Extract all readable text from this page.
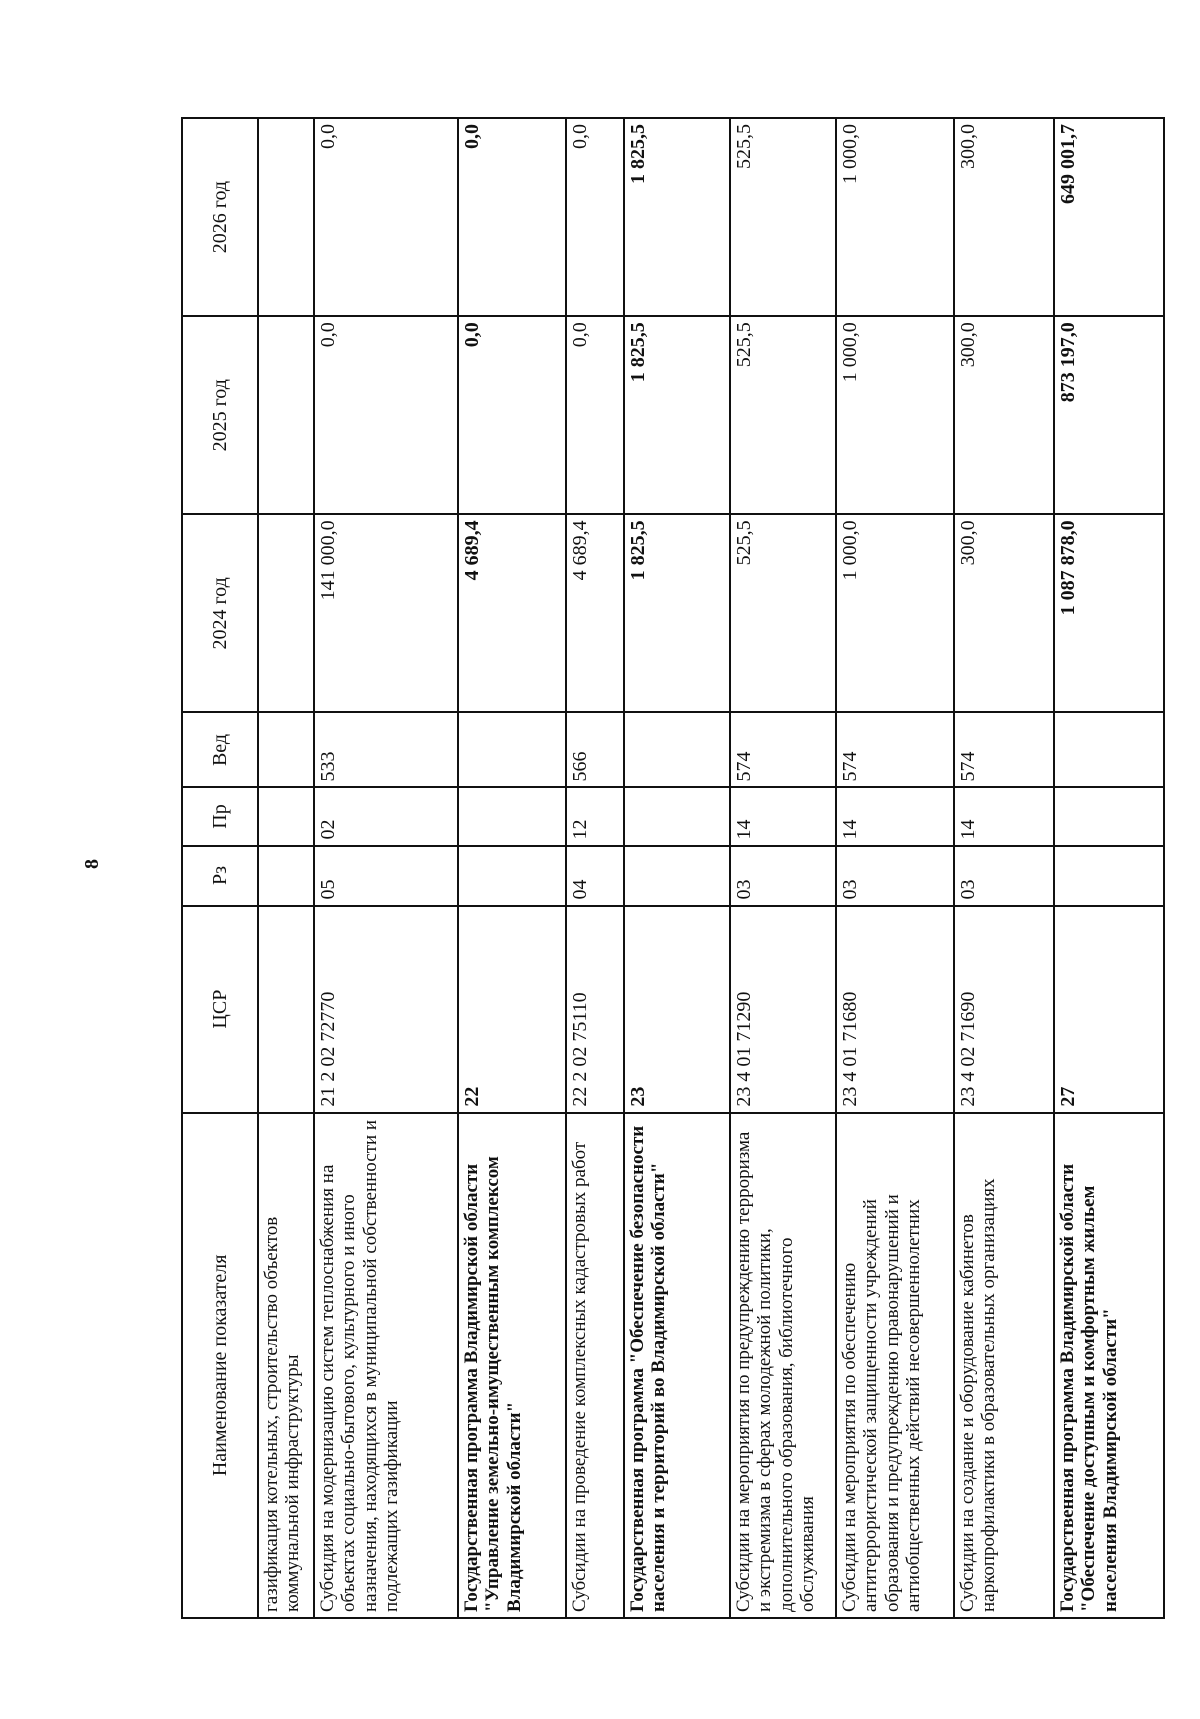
8
Наименование показателя	ЦСР	Рз	Пр	Вед	2024 год	2025 год	2026 год
газификация котельных, строительство объектов коммунальной инфраструктуры							
Субсидия на модернизацию систем теплоснабжения на объектах социально-бытового, культурного и иного назначения, находящихся в муниципальной собственности и подлежащих газификации	21 2 02 72770	05	02	533	141 000,0	0,0	0,0
Государственная программа Владимирской области "Управление земельно-имущественным комплексом Владимирской области"	22				4 689,4	0,0	0,0
Субсидии на проведение комплексных кадастровых работ	22 2 02 75110	04	12	566	4 689,4	0,0	0,0
Государственная программа "Обеспечение безопасности населения и территорий во Владимирской области"	23				1 825,5	1 825,5	1 825,5
Субсидии на мероприятия по предупреждению терроризма и экстремизма в сферах молодежной политики, дополнительного образования, библиотечного обслуживания	23 4 01 71290	03	14	574	525,5	525,5	525,5
Субсидии на мероприятия по обеспечению антитеррористической защищенности учреждений образования и предупреждению правонарушений и антиобщественных действий несовершеннолетних	23 4 01 71680	03	14	574	1 000,0	1 000,0	1 000,0
Субсидии на создание и оборудование кабинетов наркопрофилактики в образовательных организациях	23 4 02 71690	03	14	574	300,0	300,0	300,0
Государственная программа Владимирской области "Обеспечение доступным и комфортным жильем населения Владимирской области"	27				1 087 878,0	873 197,0	649 001,7
